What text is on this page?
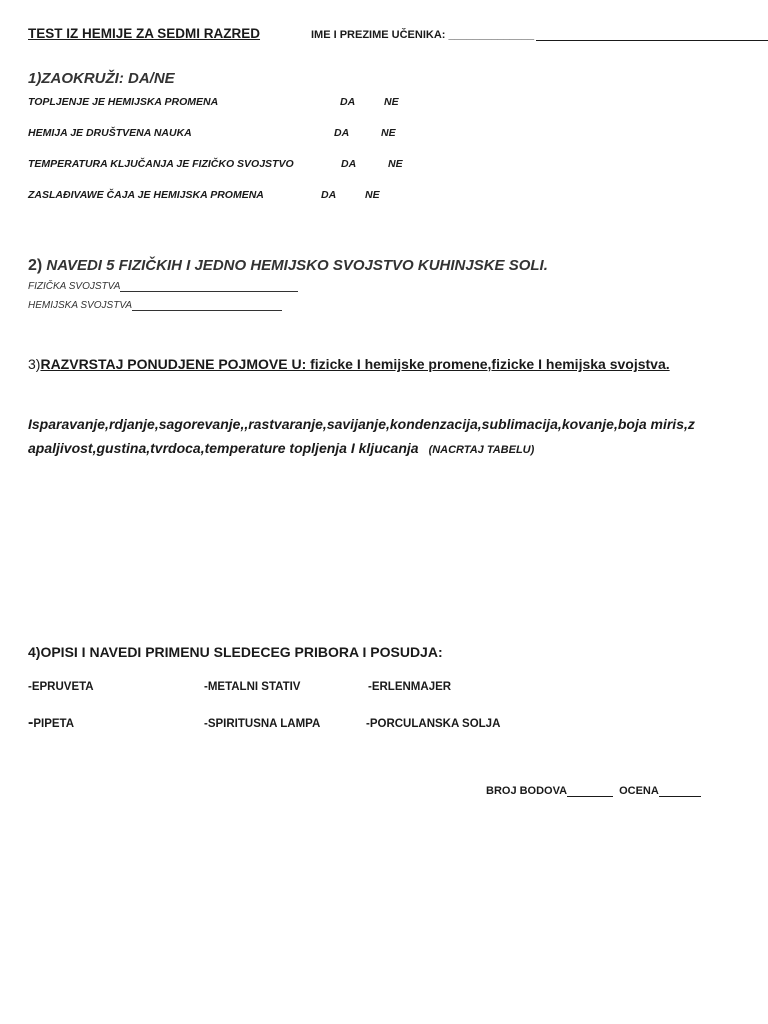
TEST IZ HEMIJE ZA SEDMI RAZRED	IME I PREZIME UČENIKA: ______________
1)ZAOKRUŽI: DA/NE
TOPLJENJE JE HEMIJSKA PROMENA	DA	NE
HEMIJA JE DRUŠTVENA NAUKA	DA	NE
TEMPERATURA KLJUČANJA JE FIZIČKO SVOJSTVO	DA	NE
ZASLAĐIVAWE ČAJA JE HEMIJSKA PROMENA	DA	NE
2) NAVEDI 5 FIZIČKIH I JEDNO HEMIJSKO SVOJSTVO KUHINJSKE SOLI.
FIZIČKA SVOJSTVA
HEMIJSKA SVOJSTVA
3)RAZVRSTAJ PONUDJENE POJMOVE U: fizicke I hemijske promene,fizicke I hemijska svojstva.
Isparavanje,rdjanje,sagorevanje,,rastvaranje,savijanje,kondenzacija,sublimacija,kovanje,boja miris,zapaljivost,gustina,tvrdoca,temperature topljenja I kljucanja (NACRTAJ TABELU)
4)OPISI I NAVEDI PRIMENU SLEDECEG PRIBORA I POSUDJA:
-EPRUVETA	-METALNI STATIV	-ERLENMAJER
-PIPETA	-SPIRITUSNA LAMPA	-PORCULANSKA SOLJA
BROJ BODOVA	OCENA
